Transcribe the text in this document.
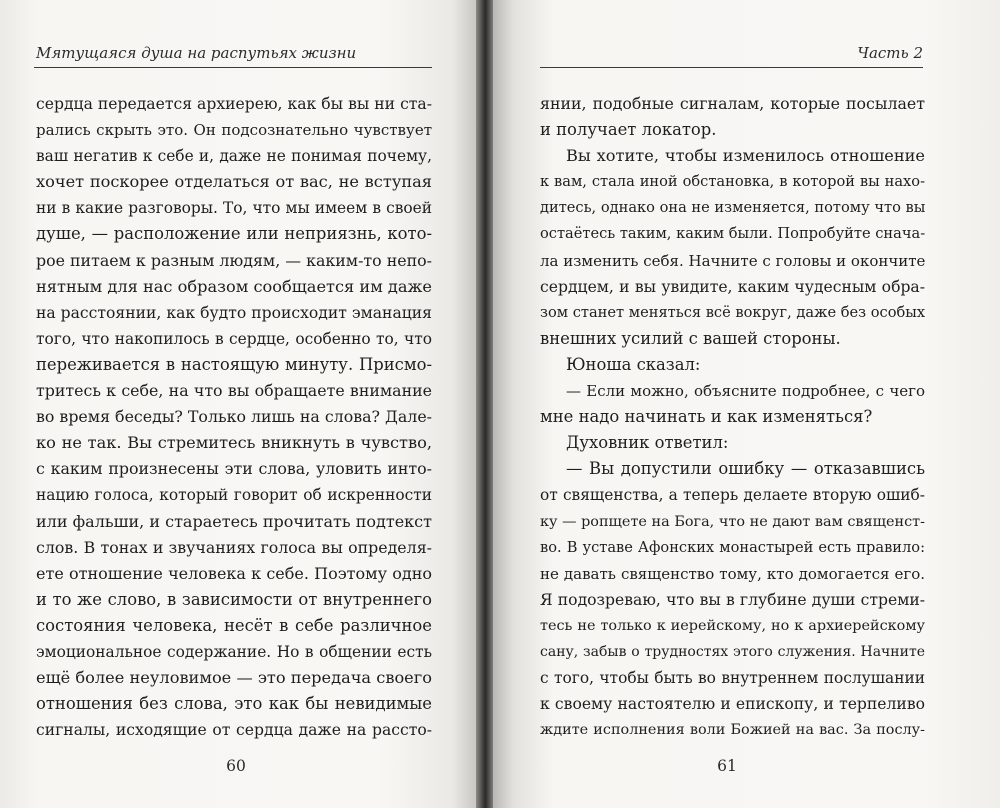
Мятущаяся душа на распутьях жизни
сердца передается архиерею, как бы вы ни ста-
рались скрыть это. Он подсознательно чувствует
ваш негатив к себе и, даже не понимая почему,
хочет поскорее отделаться от вас, не вступая
ни в какие разговоры. То, что мы имеем в своей
душе, — расположение или неприязнь, кото-
рое питаем к разным людям, — каким-то непо-
нятным для нас образом сообщается им даже
на расстоянии, как будто происходит эманация
того, что накопилось в сердце, особенно то, что
переживается в настоящую минуту. Присмо-
тритесь к себе, на что вы обращаете внимание
во время беседы? Только лишь на слова? Дале-
ко не так. Вы стремитесь вникнуть в чувство,
с каким произнесены эти слова, уловить инто-
нацию голоса, который говорит об искренности
или фальши, и стараетесь прочитать подтекст
слов. В тонах и звучаниях голоса вы определя-
ете отношение человека к себе. Поэтому одно
и то же слово, в зависимости от внутреннего
состояния человека, несёт в себе различное
эмоциональное содержание. Но в общении есть
ещё более неуловимое — это передача своего
отношения без слова, это как бы невидимые
сигналы, исходящие от сердца даже на рассто-
60
Часть 2
янии, подобные сигналам, которые посылает
и получает локатор.
Вы хотите, чтобы изменилось отношение
к вам, стала иной обстановка, в которой вы нахо-
дитесь, однако она не изменяется, потому что вы
остаётесь таким, каким были. Попробуйте снача-
ла изменить себя. Начните с головы и окончите
сердцем, и вы увидите, каким чудесным обра-
зом станет меняться всё вокруг, даже без особых
внешних усилий с вашей стороны.
Юноша сказал:
— Если можно, объясните подробнее, с чего
мне надо начинать и как изменяться?
Духовник ответил:
— Вы допустили ошибку — отказавшись
от священства, а теперь делаете вторую ошиб-
ку — ропщете на Бога, что не дают вам священст-
во. В уставе Афонских монастырей есть правило:
не давать священство тому, кто домогается его.
Я подозреваю, что вы в глубине души стреми-
тесь не только к иерейскому, но к архиерейскому
сану, забыв о трудностях этого служения. Начните
с того, чтобы быть во внутреннем послушании
к своему настоятелю и епископу, и терпеливо
ждите исполнения воли Божией на вас. За послу-
61
